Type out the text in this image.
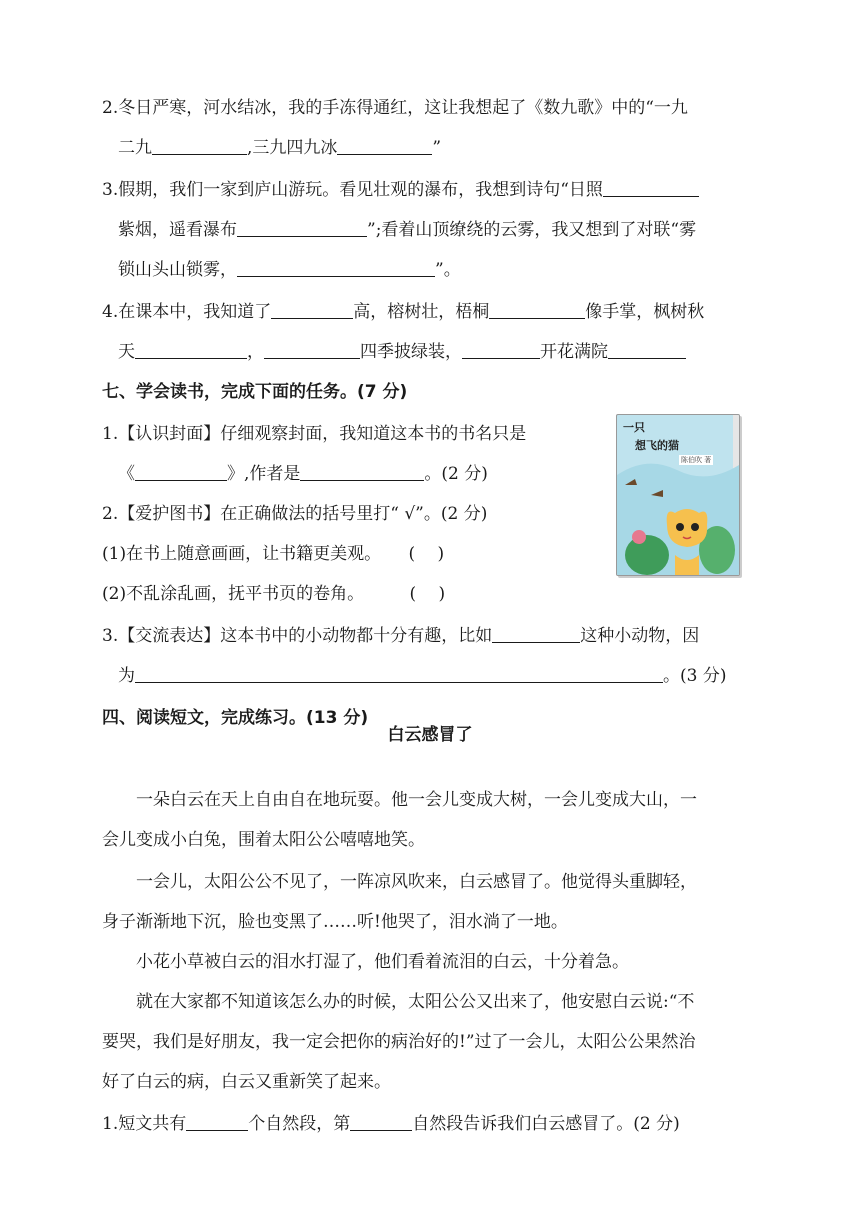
2.冬日严寒，河水结冰，我的手冻得通红，这让我想起了《数九歌》中的“一九
二九	,三九四九冰	”
3.假期，我们一家到庐山游玩。看见壮观的瀑布，我想到诗句“日照
紫烟，遥看瀑布	”;看着山顶缭绕的云雾，我又想到了对联“雾
锁山头山锁雾，	”。
4.在课本中，我知道了	高，榕树壮，梧桐	像手掌，枫树秋
天	，	四季披绿装，	开花满院
七、学会读书，完成下面的任务。(7 分)
1.【认识封面】仔细观察封面，我知道这本书的书名只是
《	》,作者是	。(2 分)
2.【爱护图书】在正确做法的括号里打“ √”。(2 分)
(1)在书上随意画画，让书籍更美观。 (　 )
(2)不乱涂乱画，抚平书页的卷角。	(　 )
3.【交流表达】这本书中的小动物都十分有趣，比如	这种小动物，因
为	。(3 分)
一只
想飞的猫
陈伯吹 著
四、阅读短文，完成练习。(13 分)
白云感冒了
一朵白云在天上自由自在地玩耍。他一会儿变成大树，一会儿变成大山，一
会儿变成小白兔，围着太阳公公嘻嘻地笑。
一会儿，太阳公公不见了，一阵凉风吹来，白云感冒了。他觉得头重脚轻，
身子渐渐地下沉，脸也变黑了……听!他哭了，泪水淌了一地。
小花小草被白云的泪水打湿了，他们看着流泪的白云，十分着急。
就在大家都不知道该怎么办的时候，太阳公公又出来了，他安慰白云说:“不
要哭，我们是好朋友，我一定会把你的病治好的!”过了一会儿，太阳公公果然治
好了白云的病，白云又重新笑了起来。
1.短文共有	个自然段，第	自然段告诉我们白云感冒了。(2 分)
